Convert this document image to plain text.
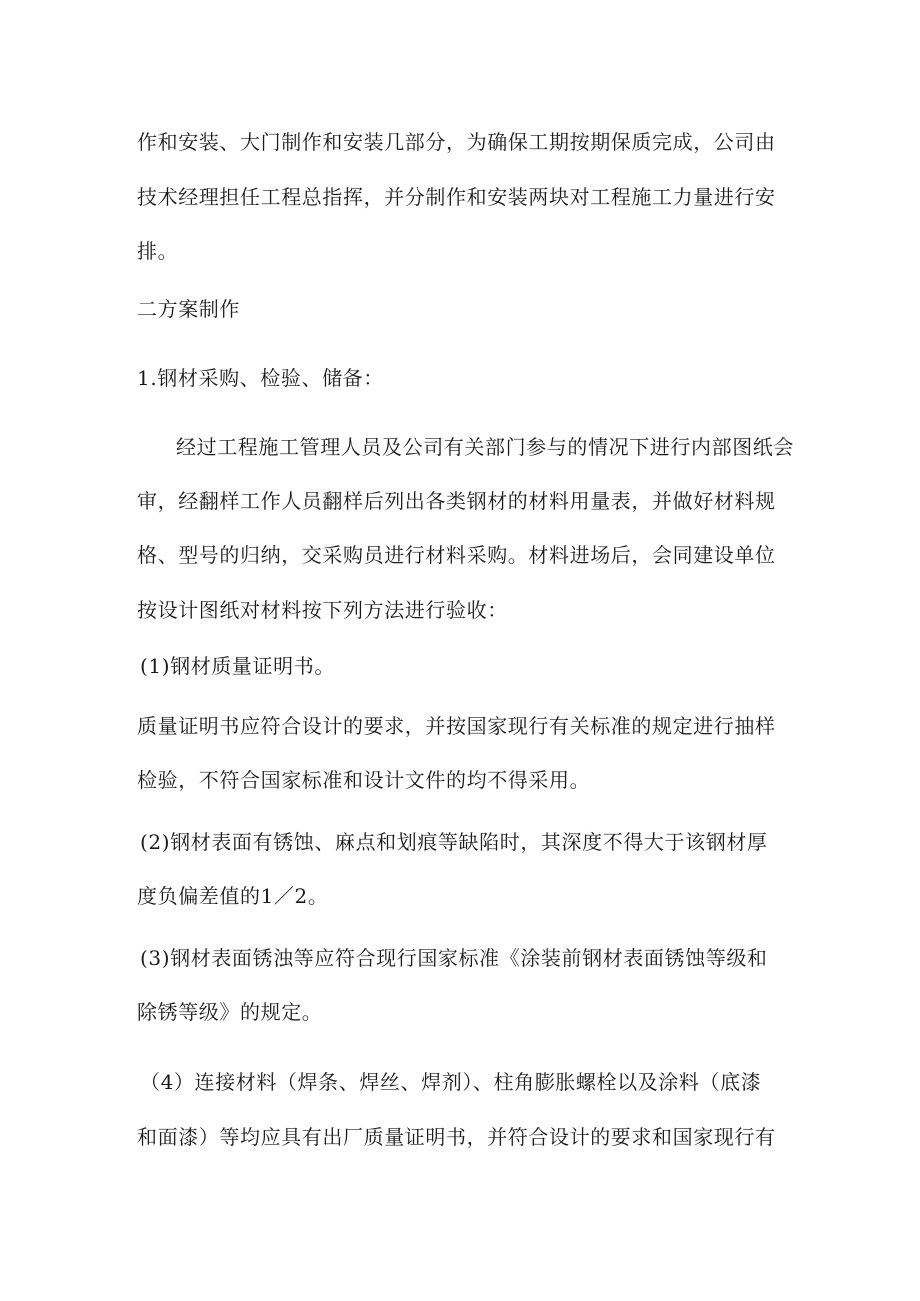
作和安装、大门制作和安装几部分，为确保工期按期保质完成，公司由
技术经理担任工程总指挥，并分制作和安装两块对工程施工力量进行安
排。
二方案制作
1.钢材采购、检验、储备：
经过工程施工管理人员及公司有关部门参与的情况下进行内部图纸会
审，经翻样工作人员翻样后列出各类钢材的材料用量表，并做好材料规
格、型号的归纳，交采购员进行材料采购。材料进场后，会同建设单位
按设计图纸对材料按下列方法进行验收：
(1)钢材质量证明书。
质量证明书应符合设计的要求，并按国家现行有关标准的规定进行抽样
检验，不符合国家标准和设计文件的均不得采用。
(2)钢材表面有锈蚀、麻点和划痕等缺陷时，其深度不得大于该钢材厚
度负偏差值的1／2。
(3)钢材表面锈浊等应符合现行国家标准《涂装前钢材表面锈蚀等级和
除锈等级》的规定。
（4）连接材料（焊条、焊丝、焊剂）、柱角膨胀螺栓以及涂料（底漆
和面漆）等均应具有出厂质量证明书，并符合设计的要求和国家现行有
